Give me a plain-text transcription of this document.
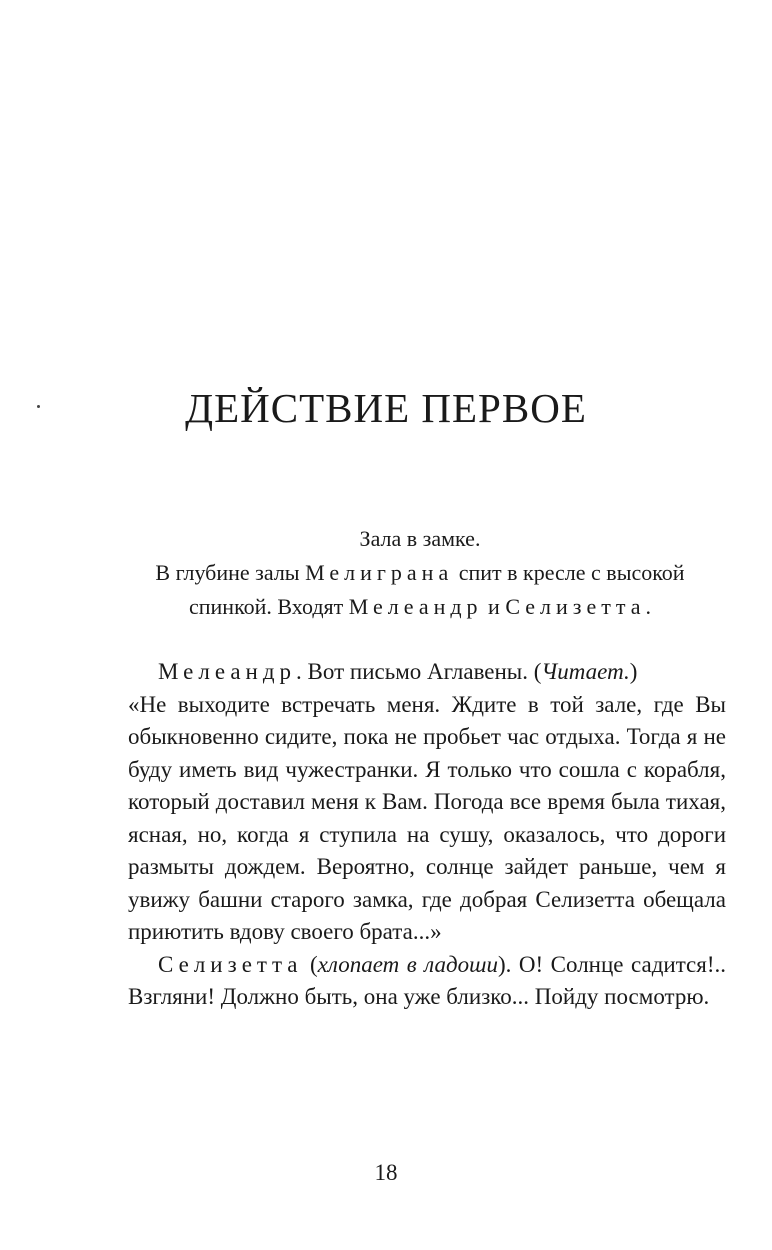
ДЕЙСТВИЕ ПЕРВОЕ

Зала в замке.

В глубине залы Мелиграна спит в кресле с высокой спинкой. Входят Мелеандр и Селизетта.

Мелеандр. Вот письмо Аглавены. (Читает.)

«Не выходите встречать меня. Ждите в той зале, где Вы обыкновенно сидите, пока не пробьет час отдыха. Тогда я не буду иметь вид чужестранки. Я только что сошла с корабля, который доставил меня к Вам. Погода все время была тихая, ясная, но, когда я ступила на сушу, оказалось, что дороги размыты дождем. Вероятно, солнце зайдет раньше, чем я увижу башни старого замка, где добрая Селизетта обещала приютить вдову своего брата...»

Селизетта (хлопает в ладоши). О! Солнце садится!.. Взгляни! Должно быть, она уже близко... Пойду посмотрю.

18
